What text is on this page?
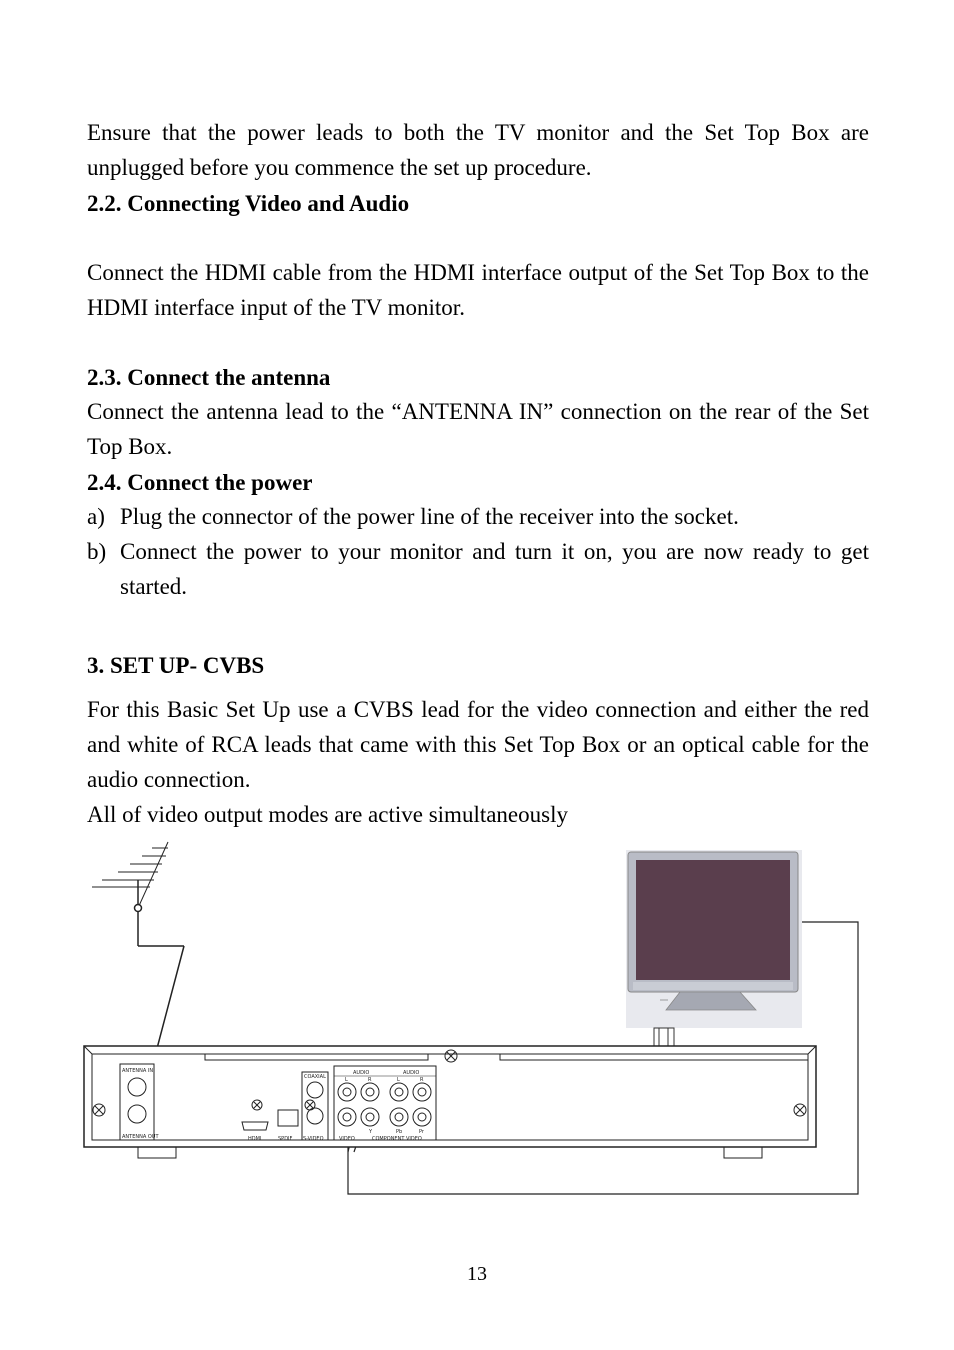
Ensure that the power leads to both the TV monitor and the Set Top Box are unplugged before you commence the set up procedure.

2.2. Connecting Video and Audio

Connect the HDMI cable from the HDMI interface output of the Set Top Box to the HDMI interface input of the TV monitor.

2.3. Connect the antenna

Connect the antenna lead to the “ANTENNA IN” connection on the rear of the Set Top Box.

2.4. Connect the power
a) Plug the connector of the power line of the receiver into the socket.
b) Connect the power to your monitor and turn it on, you are now ready to get started.
3. SET UP- CVBS

For this Basic Set Up use a CVBS lead for the video connection and either the red and white of RCA leads that came with this Set Top Box or an optical cable for the audio connection.

All of video output modes are active simultaneously

ANTENNA IN
ANTENNA OUT	HDMI	SPDIF
COAXIAL
S-VIDEO
AUDIO	AUDIO
L	R	L	R
VIDEO
Y	Pb	Pr
COMPONENT VIDEO
13
